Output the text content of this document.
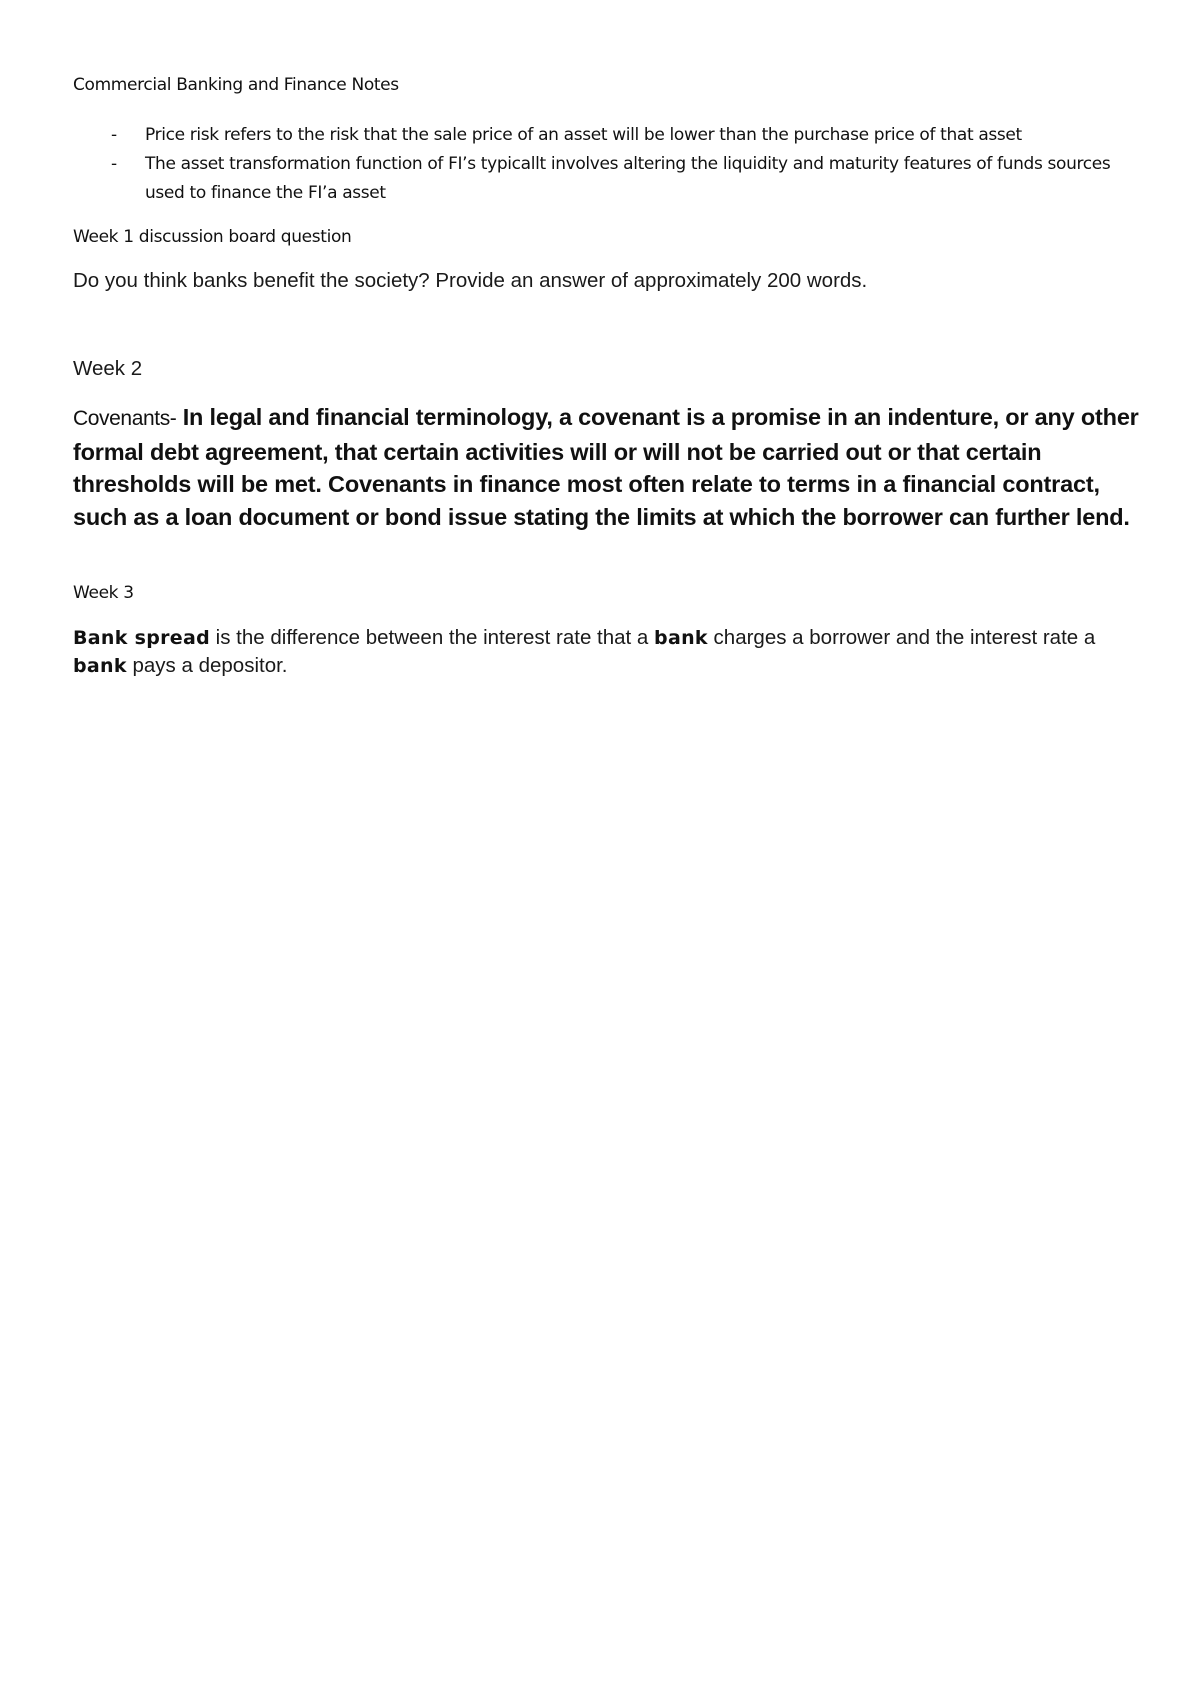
Commercial Banking and Finance Notes
- Price risk refers to the risk that the sale price of an asset will be lower than the purchase price of that asset
- The asset transformation function of FI’s typicallt involves altering the liquidity and maturity features of funds sources used to finance the FI’a asset
Week 1 discussion board question
Do you think banks benefit the society? Provide an answer of approximately 200 words.
Week 2
Covenants- In legal and financial terminology, a covenant is a promise in an indenture, or any other formal debt agreement, that certain activities will or will not be carried out or that certain thresholds will be met. Covenants in finance most often relate to terms in a financial contract, such as a loan document or bond issue stating the limits at which the borrower can further lend.
Week 3
Bank spread is the difference between the interest rate that a bank charges a borrower and the interest rate a bank pays a depositor.
